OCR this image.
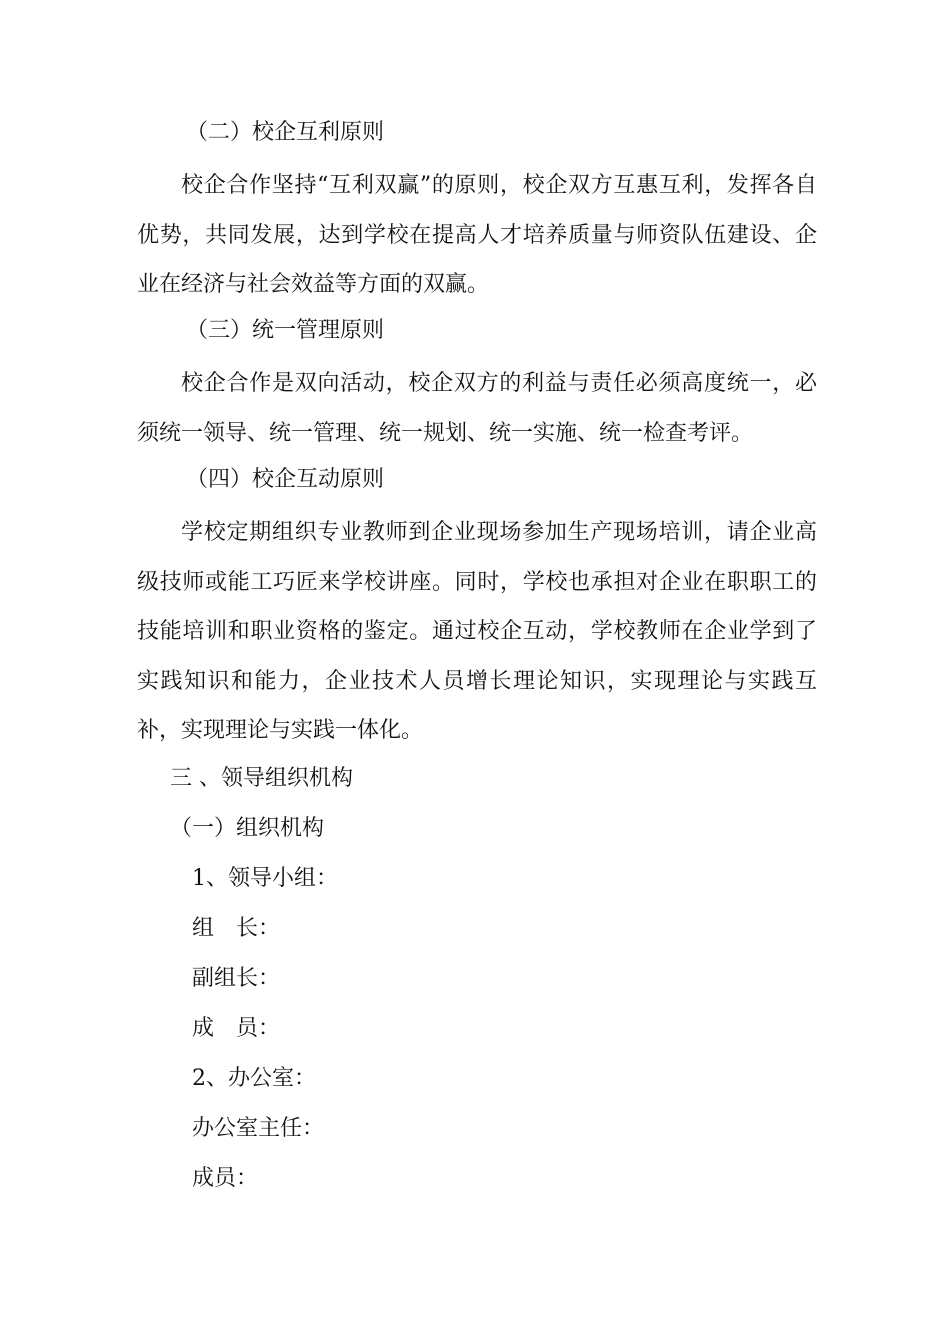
（二）校企互利原则

校企合作坚持“互利双赢”的原则，校企双方互惠互利，发挥各自优势，共同发展，达到学校在提高人才培养质量与师资队伍建设、企业在经济与社会效益等方面的双赢。

（三）统一管理原则

校企合作是双向活动，校企双方的利益与责任必须高度统一，必须统一领导、统一管理、统一规划、统一实施、统一检查考评。

（四）校企互动原则

学校定期组织专业教师到企业现场参加生产现场培训，请企业高级技师或能工巧匠来学校讲座。同时，学校也承担对企业在职职工的技能培训和职业资格的鉴定。通过校企互动，学校教师在企业学到了实践知识和能力，企业技术人员增长理论知识，实现理论与实践互补，实现理论与实践一体化。

三 、领导组织机构
（一）组织机构
1、领导小组：
组　长：
副组长：
成　员：
2、办公室：
办公室主任：
成员：
